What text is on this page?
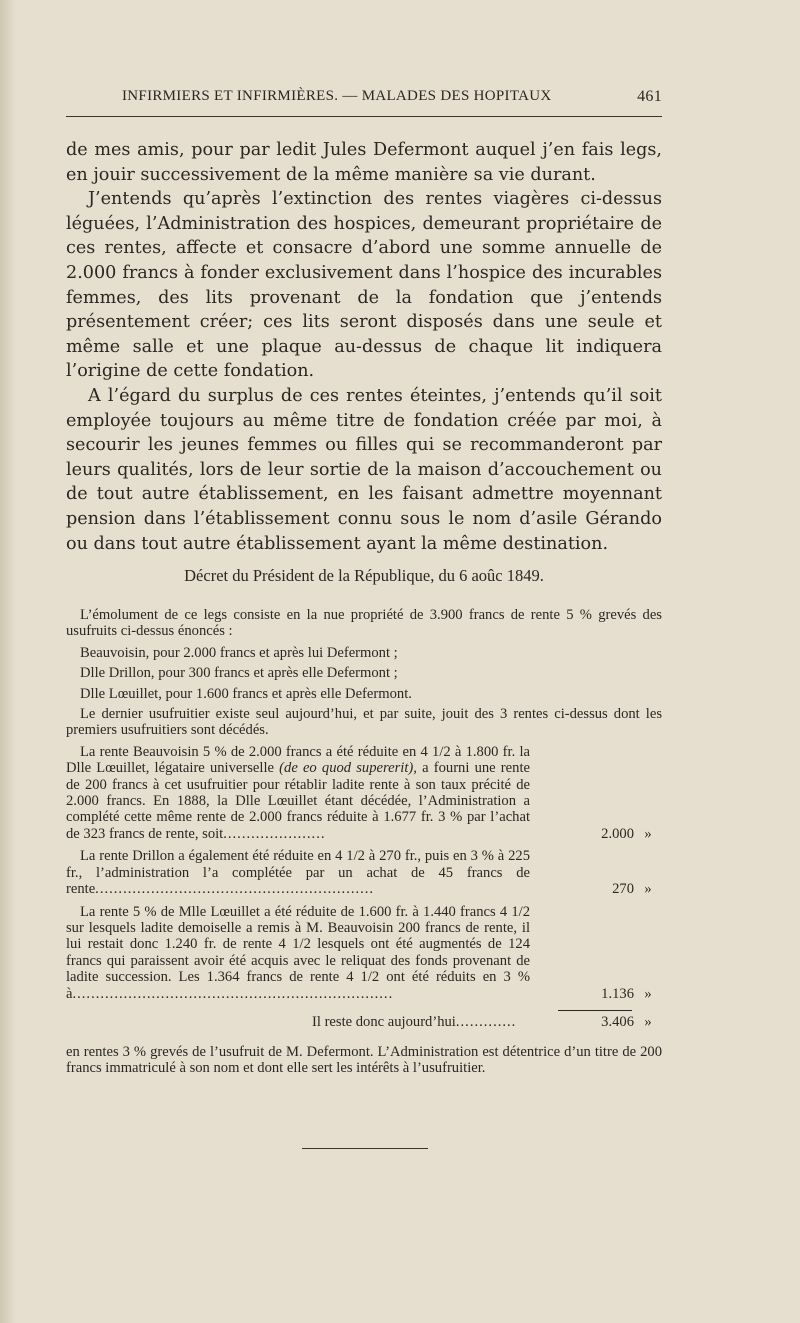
INFIRMIERS ET INFIRMIÈRES. — MALADES DES HOPITAUX	461

de mes amis, pour par ledit Jules Defermont auquel j’en fais legs, en jouir successivement de la même manière sa vie durant.

J’entends qu’après l’extinction des rentes viagères ci-dessus léguées, l’Administration des hospices, demeurant propriétaire de ces rentes, affecte et consacre d’abord une somme annuelle de 2.000 francs à fonder exclusivement dans l’hospice des incurables femmes, des lits provenant de la fondation que j’entends présentement créer; ces lits seront disposés dans une seule et même salle et une plaque au-dessus de chaque lit indiquera l’origine de cette fondation.

A l’égard du surplus de ces rentes éteintes, j’entends qu’il soit employée toujours au même titre de fondation créée par moi, à secourir les jeunes femmes ou filles qui se recommanderont par leurs qualités, lors de leur sortie de la maison d’accouchement ou de tout autre établissement, en les faisant admettre moyennant pension dans l’établissement connu sous le nom d’asile Gérando ou dans tout autre établissement ayant la même destination.

Décret du Président de la République, du 6 aoûc 1849.

L’émolument de ce legs consiste en la nue propriété de 3.900 francs de rente 5 % grevés des usufruits ci-dessus énoncés :

Beauvoisin, pour 2.000 francs et après lui Defermont ;

Dlle Drillon, pour 300 francs et après elle Defermont ;

Dlle Lœuillet, pour 1.600 francs et après elle Defermont.

Le dernier usufruitier existe seul aujourd’hui, et par suite, jouit des 3 rentes ci-dessus dont les premiers usufruitiers sont décédés.

La rente Beauvoisin 5 % de 2.000 francs a été réduite en 4 1/2 à 1.800 fr. la Dlle Lœuillet, légataire universelle (de eo quod supererit), a fourni une rente de 200 francs à cet usufruitier pour rétablir ladite rente à son taux précité de 2.000 francs. En 1888, la Dlle Lœuillet étant décédée, l’Administration a complété cette même rente de 2.000 francs réduite à 1.677 fr. 3 % par l’achat de 323 francs de rente, soit......................	2.000 »
La rente Drillon a également été réduite en 4 1/2 à 270 fr., puis en 3 % à 225 fr., l’administration l’a complétée par un achat de 45 francs de rente............................................................	270 »
La rente 5 % de Mlle Lœuillet a été réduite de 1.600 fr. à 1.440 francs 4 1/2 sur lesquels ladite demoiselle a remis à M. Beauvoisin 200 francs de rente, il lui restait donc 1.240 fr. de rente 4 1/2 lesquels ont été augmentés de 124 francs qui paraissent avoir été acquis avec le reliquat des fonds provenant de ladite succession. Les 1.364 francs de rente 4 1/2 ont été réduits en 3 % à.....................................................................	1.136 »
Il reste donc aujourd’hui.............	3.406 »

en rentes 3 % grevés de l’usufruit de M. Defermont. L’Administration est détentrice d’un titre de 200 francs immatriculé à son nom et dont elle sert les intérêts à l’usufruitier.
